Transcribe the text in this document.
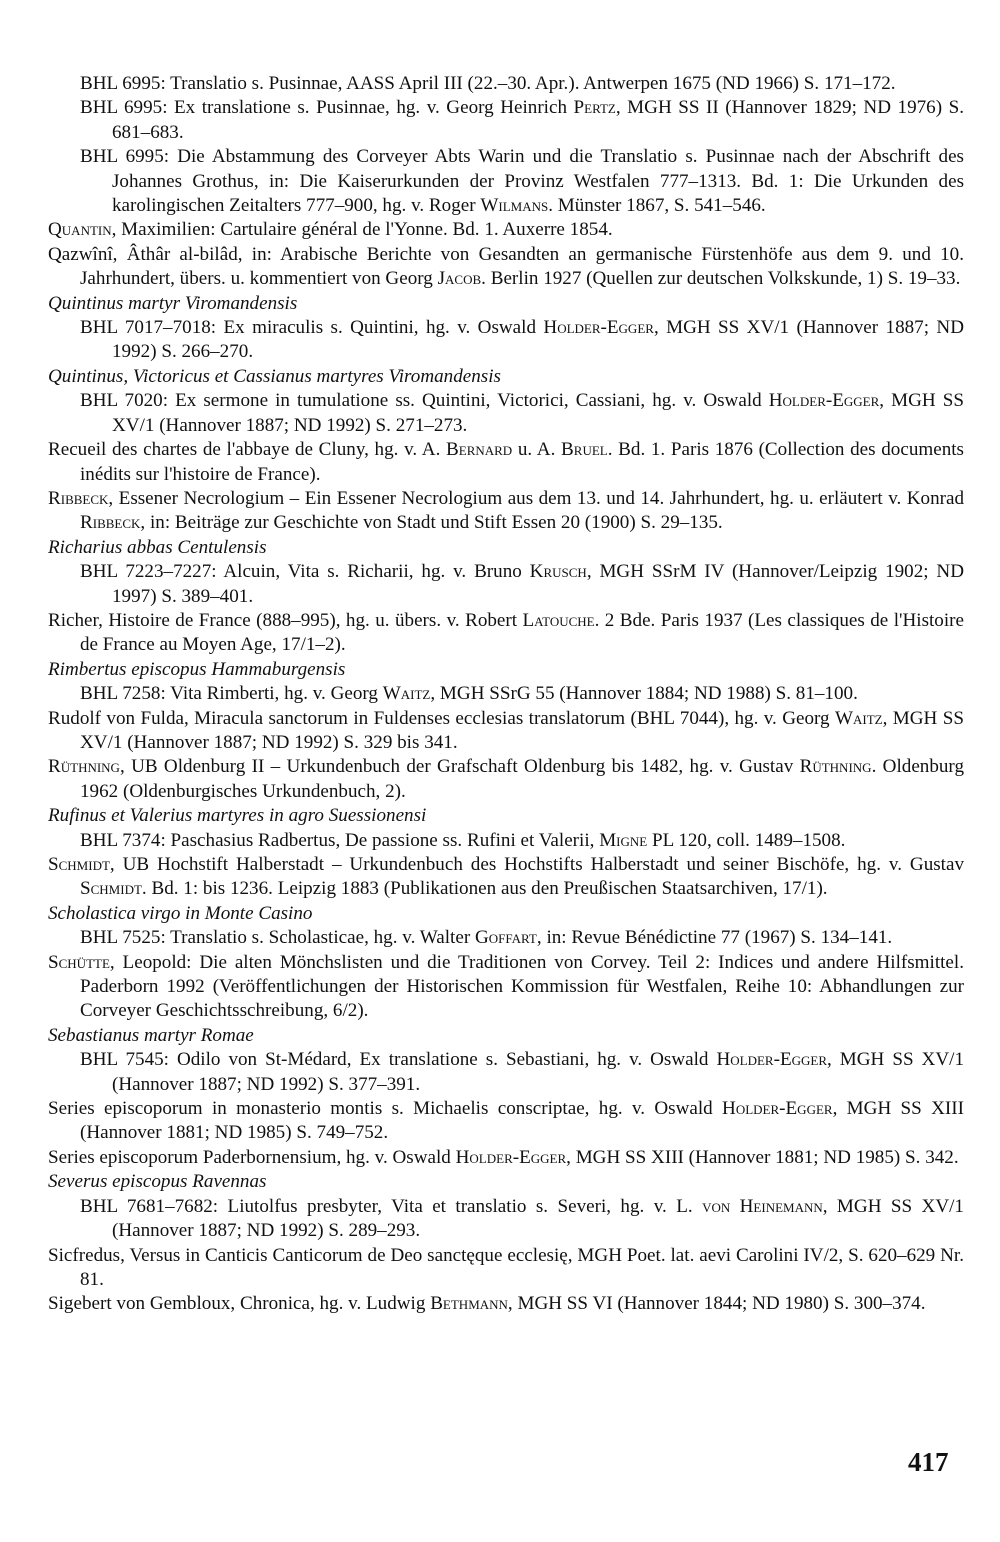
BHL 6995: Translatio s. Pusinnae, AASS April III (22.–30. Apr.). Antwerpen 1675 (ND 1966) S. 171–172.
BHL 6995: Ex translatione s. Pusinnae, hg. v. Georg Heinrich Pertz, MGH SS II (Hannover 1829; ND 1976) S. 681–683.
BHL 6995: Die Abstammung des Corveyer Abts Warin und die Translatio s. Pusinnae nach der Abschrift des Johannes Grothus, in: Die Kaiserurkunden der Provinz Westfalen 777–1313. Bd. 1: Die Urkunden des karolingischen Zeitalters 777–900, hg. v. Roger Wilmans. Münster 1867, S. 541–546.
Quantin, Maximilien: Cartulaire général de l'Yonne. Bd. 1. Auxerre 1854.
Qazwînî, Âthâr al-bilâd, in: Arabische Berichte von Gesandten an germanische Fürstenhöfe aus dem 9. und 10. Jahrhundert, übers. u. kommentiert von Georg Jacob. Berlin 1927 (Quellen zur deutschen Volkskunde, 1) S. 19–33.
Quintinus martyr Viromandensis
BHL 7017–7018: Ex miraculis s. Quintini, hg. v. Oswald Holder-Egger, MGH SS XV/1 (Hannover 1887; ND 1992) S. 266–270.
Quintinus, Victoricus et Cassianus martyres Viromandensis
BHL 7020: Ex sermone in tumulatione ss. Quintini, Victorici, Cassiani, hg. v. Oswald Holder-Egger, MGH SS XV/1 (Hannover 1887; ND 1992) S. 271–273.
Recueil des chartes de l'abbaye de Cluny, hg. v. A. Bernard u. A. Bruel. Bd. 1. Paris 1876 (Collection des documents inédits sur l'histoire de France).
Ribbeck, Essener Necrologium – Ein Essener Necrologium aus dem 13. und 14. Jahrhundert, hg. u. erläutert v. Konrad Ribbeck, in: Beiträge zur Geschichte von Stadt und Stift Essen 20 (1900) S. 29–135.
Richarius abbas Centulensis
BHL 7223–7227: Alcuin, Vita s. Richarii, hg. v. Bruno Krusch, MGH SSrM IV (Hannover/Leipzig 1902; ND 1997) S. 389–401.
Richer, Histoire de France (888–995), hg. u. übers. v. Robert Latouche. 2 Bde. Paris 1937 (Les classiques de l'Histoire de France au Moyen Age, 17/1–2).
Rimbertus episcopus Hammaburgensis
BHL 7258: Vita Rimberti, hg. v. Georg Waitz, MGH SSrG 55 (Hannover 1884; ND 1988) S. 81–100.
Rudolf von Fulda, Miracula sanctorum in Fuldenses ecclesias translatorum (BHL 7044), hg. v. Georg Waitz, MGH SS XV/1 (Hannover 1887; ND 1992) S. 329 bis 341.
Rüthning, UB Oldenburg II – Urkundenbuch der Grafschaft Oldenburg bis 1482, hg. v. Gustav Rüthning. Oldenburg 1962 (Oldenburgisches Urkundenbuch, 2).
Rufinus et Valerius martyres in agro Suessionensi
BHL 7374: Paschasius Radbertus, De passione ss. Rufini et Valerii, Migne PL 120, coll. 1489–1508.
Schmidt, UB Hochstift Halberstadt – Urkundenbuch des Hochstifts Halberstadt und seiner Bischöfe, hg. v. Gustav Schmidt. Bd. 1: bis 1236. Leipzig 1883 (Publikationen aus den Preußischen Staatsarchiven, 17/1).
Scholastica virgo in Monte Casino
BHL 7525: Translatio s. Scholasticae, hg. v. Walter Goffart, in: Revue Bénédictine 77 (1967) S. 134–141.
Schütte, Leopold: Die alten Mönchslisten und die Traditionen von Corvey. Teil 2: Indices und andere Hilfsmittel. Paderborn 1992 (Veröffentlichungen der Historischen Kommission für Westfalen, Reihe 10: Abhandlungen zur Corveyer Geschichtsschreibung, 6/2).
Sebastianus martyr Romae
BHL 7545: Odilo von St-Médard, Ex translatione s. Sebastiani, hg. v. Oswald Holder-Egger, MGH SS XV/1 (Hannover 1887; ND 1992) S. 377–391.
Series episcoporum in monasterio montis s. Michaelis conscriptae, hg. v. Oswald Holder-Egger, MGH SS XIII (Hannover 1881; ND 1985) S. 749–752.
Series episcoporum Paderbornensium, hg. v. Oswald Holder-Egger, MGH SS XIII (Hannover 1881; ND 1985) S. 342.
Severus episcopus Ravennas
BHL 7681–7682: Liutolfus presbyter, Vita et translatio s. Severi, hg. v. L. von Heinemann, MGH SS XV/1 (Hannover 1887; ND 1992) S. 289–293.
Sicfredus, Versus in Canticis Canticorum de Deo sanctęque ecclesię, MGH Poet. lat. aevi Carolini IV/2, S. 620–629 Nr. 81.
Sigebert von Gembloux, Chronica, hg. v. Ludwig Bethmann, MGH SS VI (Hannover 1844; ND 1980) S. 300–374.
417
